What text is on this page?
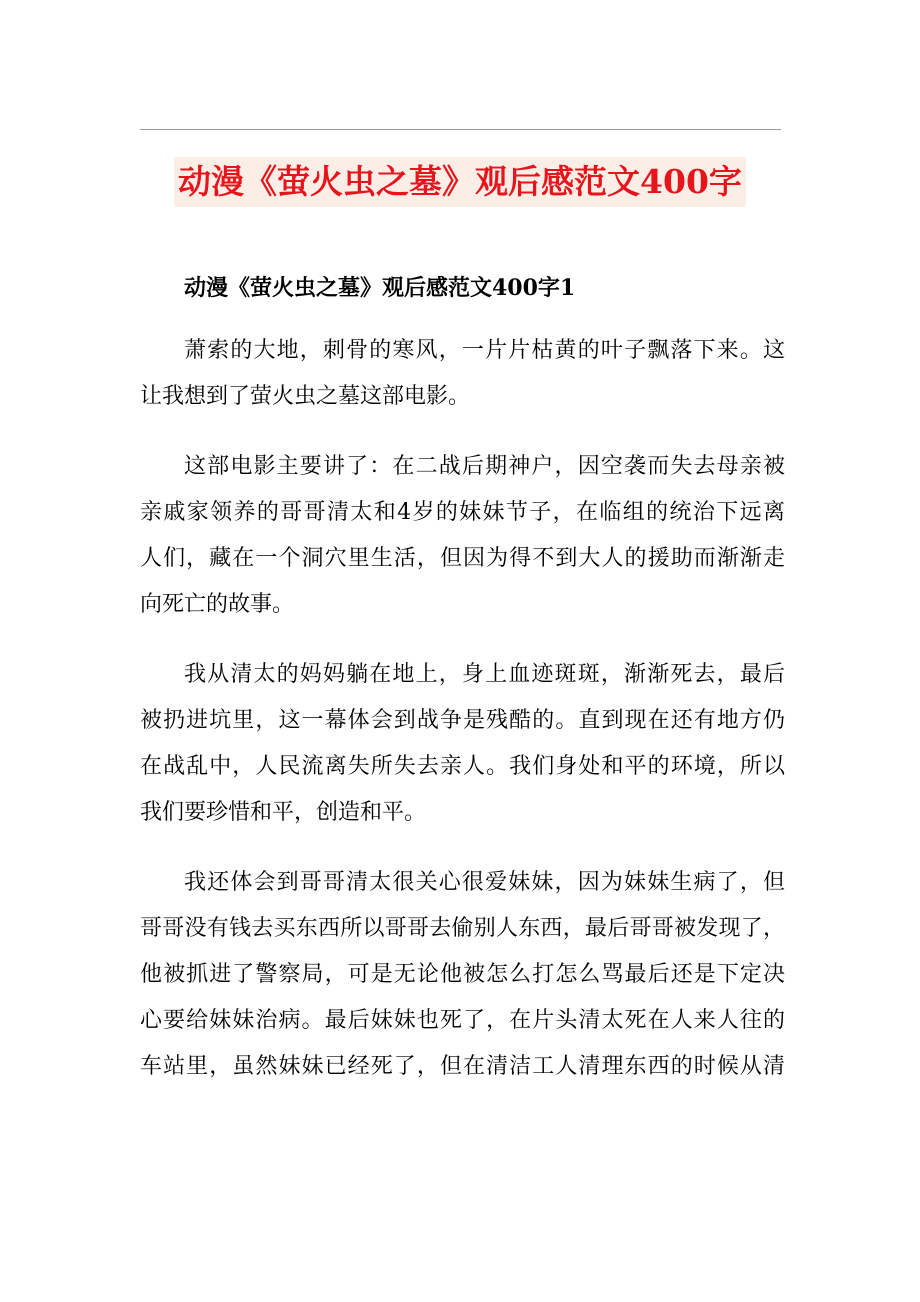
动漫《萤火虫之墓》观后感范文400字
动漫《萤火虫之墓》观后感范文400字1
萧索的大地，刺骨的寒风，一片片枯黄的叶子飘落下来。这
让我想到了萤火虫之墓这部电影。
这部电影主要讲了：在二战后期神户，因空袭而失去母亲被
亲戚家领养的哥哥清太和4岁的妹妹节子，在临组的统治下远离
人们，藏在一个洞穴里生活，但因为得不到大人的援助而渐渐走
向死亡的故事。
我从清太的妈妈躺在地上，身上血迹斑斑，渐渐死去，最后
被扔进坑里，这一幕体会到战争是残酷的。直到现在还有地方仍
在战乱中，人民流离失所失去亲人。我们身处和平的环境，所以
我们要珍惜和平，创造和平。
我还体会到哥哥清太很关心很爱妹妹，因为妹妹生病了，但
哥哥没有钱去买东西所以哥哥去偷别人东西，最后哥哥被发现了，
他被抓进了警察局，可是无论他被怎么打怎么骂最后还是下定决
心要给妹妹治病。最后妹妹也死了，在片头清太死在人来人往的
车站里，虽然妹妹已经死了，但在清洁工人清理东西的时候从清
